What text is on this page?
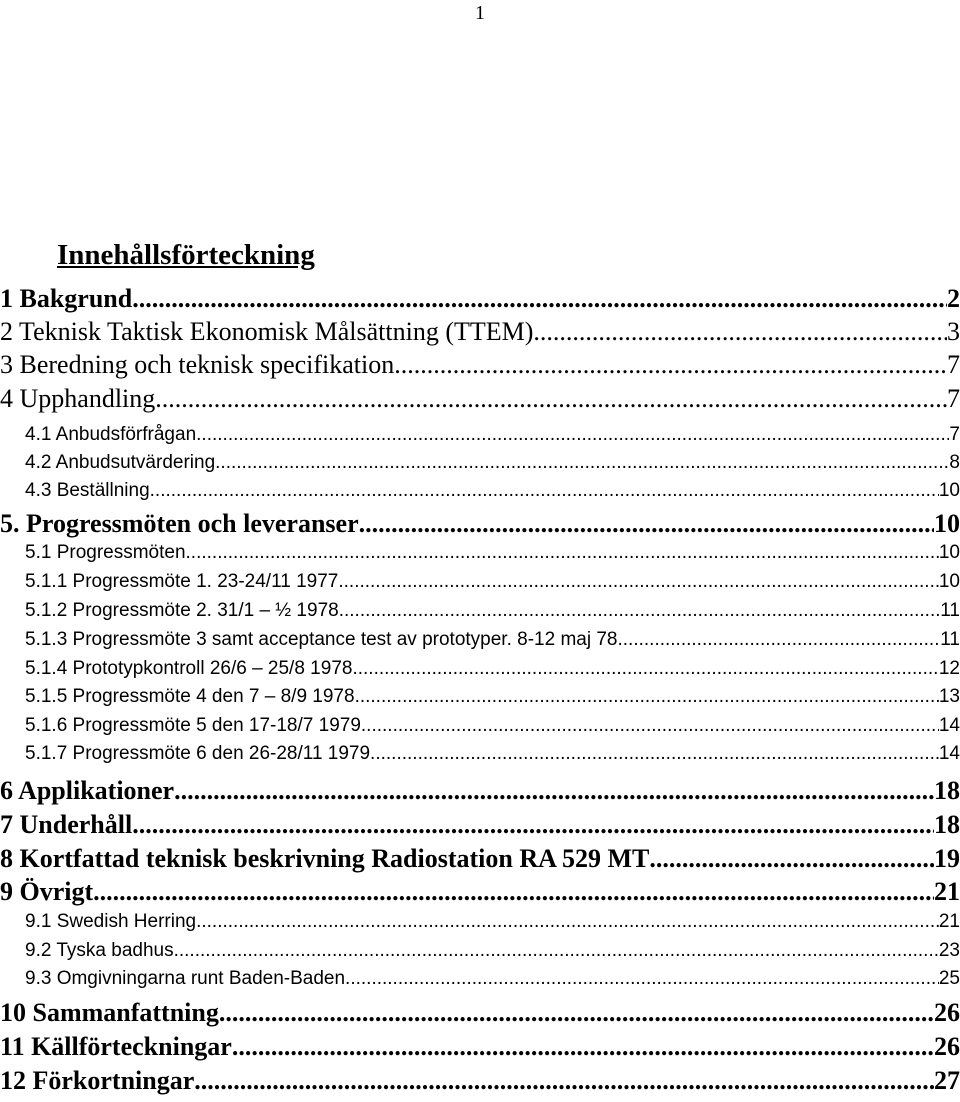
1
Innehållsförteckning
1 Bakgrund .....	2
2 Teknisk Taktisk Ekonomisk Målsättning (TTEM) .....	3
3 Beredning och teknisk specifikation .....	7
4 Upphandling .....	7
4.1 Anbudsförfrågan .....	7
4.2 Anbudsutvärdering .....	8
4.3 Beställning .....	10
5. Progressmöten och leveranser .....	10
5.1 Progressmöten .....	10
5.1.1 Progressmöte 1. 23-24/11 1977 .....	10
5.1.2 Progressmöte 2. 31/1 – ½ 1978 .....	11
5.1.3 Progressmöte 3 samt acceptance test av prototyper. 8-12 maj 78. .....	11
5.1.4 Prototypkontroll 26/6 – 25/8 1978 .....	12
5.1.5 Progressmöte 4 den 7 – 8/9 1978 .....	13
5.1.6 Progressmöte 5 den 17-18/7 1979 .....	14
5.1.7 Progressmöte 6 den 26-28/11 1979. .....	14
6 Applikationer .....	18
7 Underhåll .....	18
8 Kortfattad teknisk beskrivning Radiostation RA 529 MT .....	19
9 Övrigt .....	21
9.1 Swedish Herring .....	21
9.2 Tyska badhus .....	23
9.3 Omgivningarna runt Baden-Baden .....	25
10 Sammanfattning .....	26
11 Källförteckningar .....	26
12 Förkortningar .....	27
